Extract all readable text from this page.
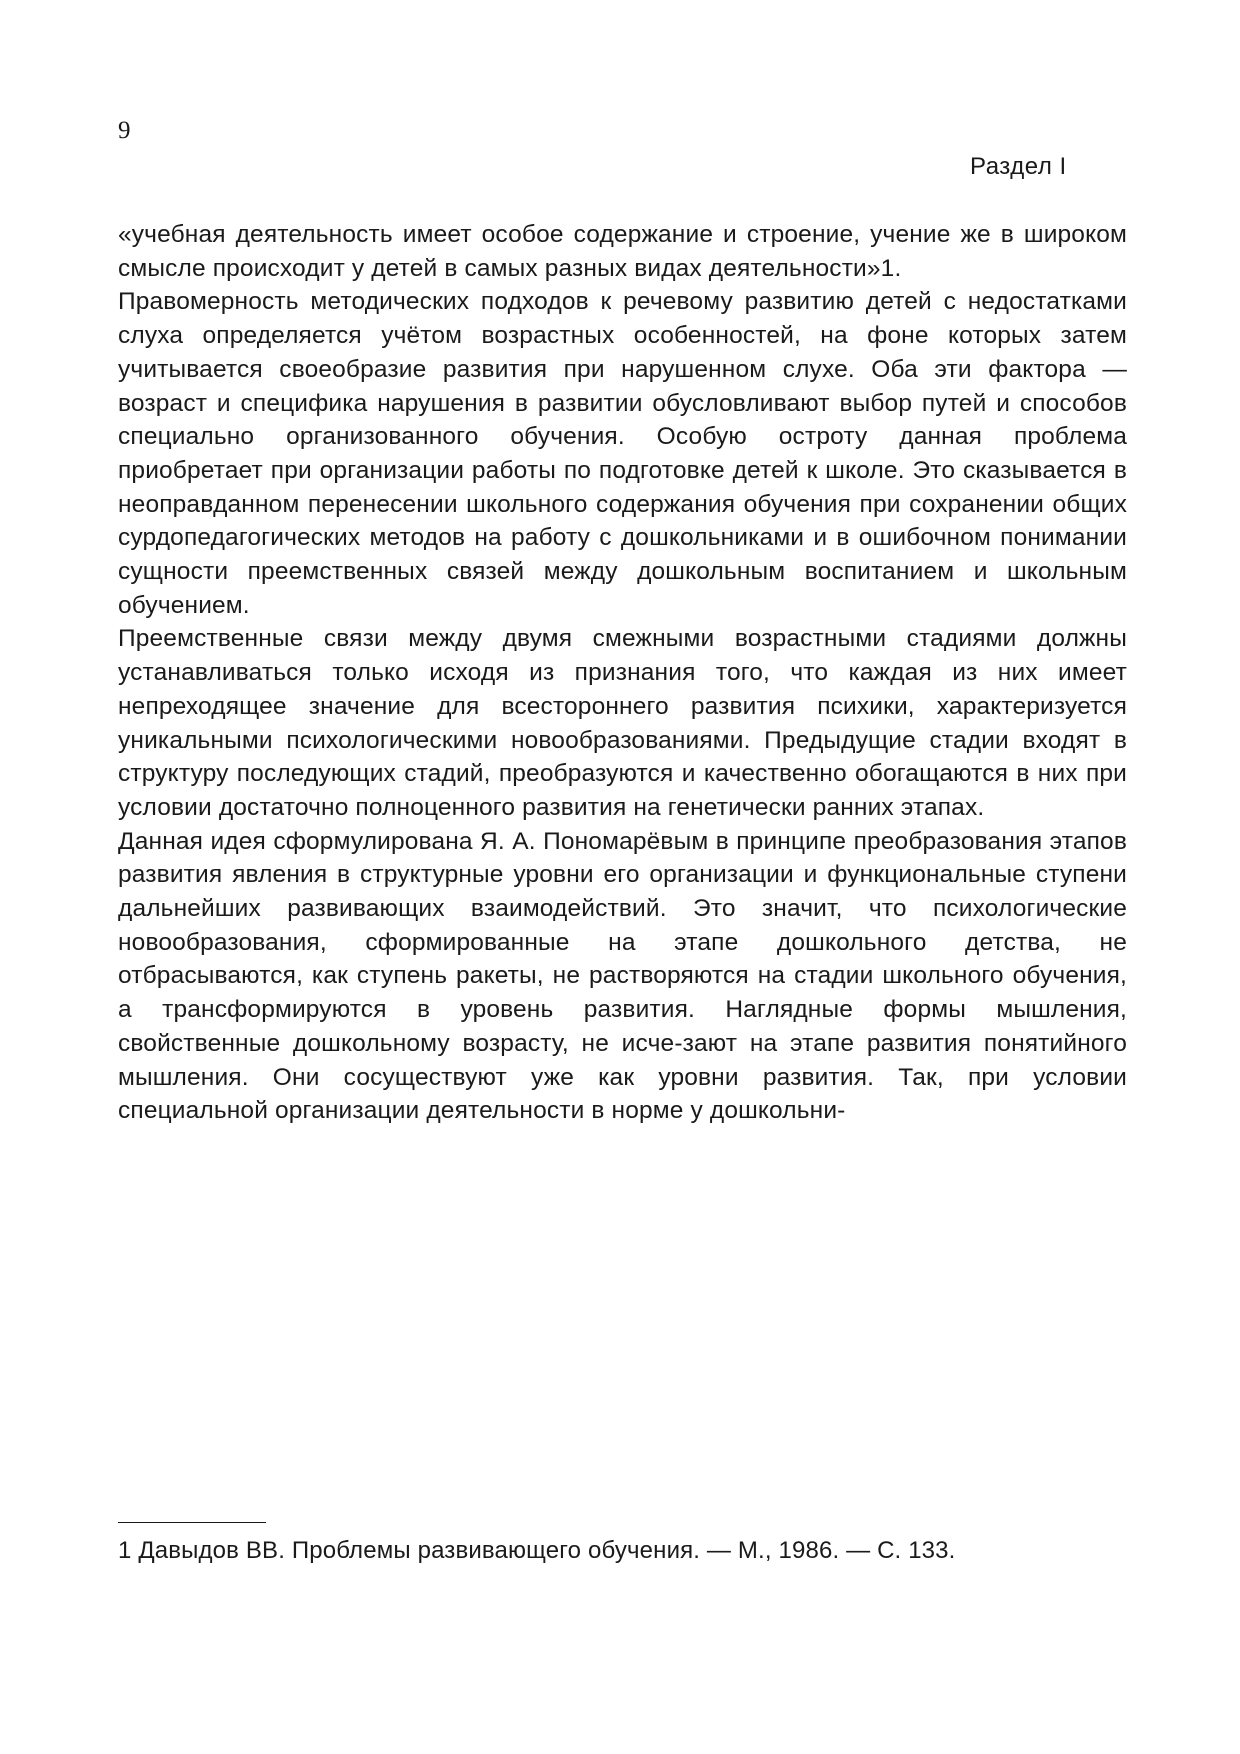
9
Раздел I

«учебная деятельность имеет особое содержание и строение, учение же в широком смысле происходит у детей в самых разных видах деятельности»1.

Правомерность методических подходов к речевому развитию детей с недостатками слуха определяется учётом возрастных особенностей, на фоне которых затем учитывается своеобразие развития при нарушенном слухе. Оба эти фактора — возраст и специфика нарушения в развитии обусловливают выбор путей и способов специально организованного обучения. Особую остроту данная проблема приобретает при организации работы по подготовке детей к школе. Это сказывается в неоправданном перенесении школьного содержания обучения при сохранении общих сурдопедагогических методов на работу с дошкольниками и в ошибочном понимании сущности преемственных связей между дошкольным воспитанием и школьным обучением.

Преемственные связи между двумя смежными возрастными стадиями должны устанавливаться только исходя из признания того, что каждая из них имеет непреходящее значение для всестороннего развития психики, характеризуется уникальными психологическими новообразованиями. Предыдущие стадии входят в структуру последующих стадий, преобразуются и качественно обогащаются в них при условии достаточно полноценного развития на генетически ранних этапах.

Данная идея сформулирована Я. А. Пономарёвым в принципе преобразования этапов развития явления в структурные уровни его организации и функциональные ступени дальнейших развивающих взаимодействий. Это значит, что психологические новообразования, сформированные на этапе дошкольного детства, не отбрасываются, как ступень ракеты, не растворяются на стадии школьного обучения, а трансформируются в уровень развития. Наглядные формы мышления, свойственные дошкольному возрасту, не исче-зают на этапе развития понятийного мышления. Они сосуществуют уже как уровни развития. Так, при условии специальной организации деятельности в норме у дошкольни-

1 Давыдов ВВ. Проблемы развивающего обучения. — М., 1986. — С. 133.
